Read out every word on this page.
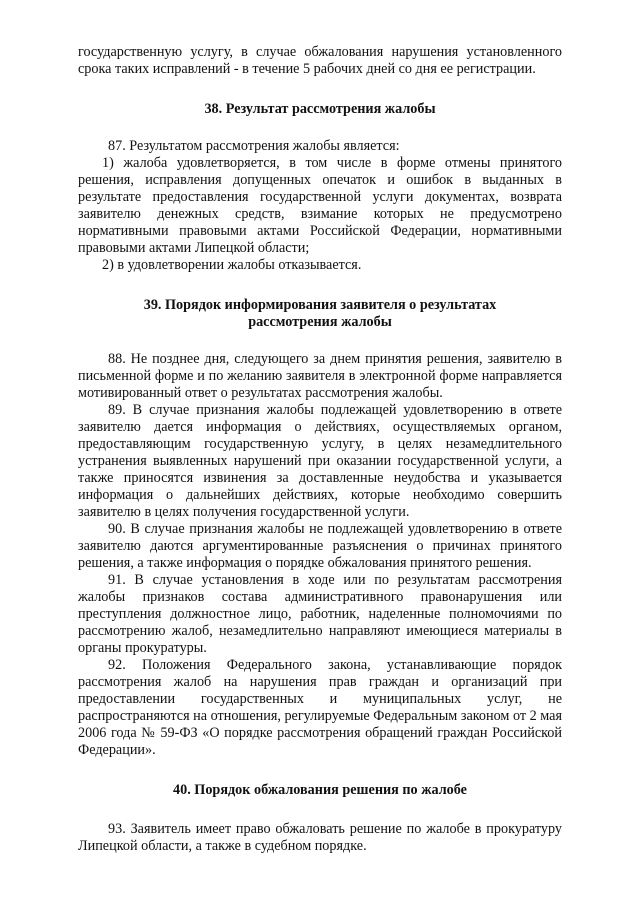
государственную услугу, в случае обжалования нарушения установленного срока таких исправлений - в течение 5 рабочих дней со дня ее регистрации.

38. Результат рассмотрения жалобы

87. Результатом рассмотрения жалобы является:

1) жалоба удовлетворяется, в том числе в форме отмены принятого решения, исправления допущенных опечаток и ошибок в выданных в результате предоставления государственной услуги документах, возврата заявителю денежных средств, взимание которых не предусмотрено нормативными правовыми актами Российской Федерации, нормативными правовыми актами Липецкой области;

2) в удовлетворении жалобы отказывается.

39. Порядок информирования заявителя о результатах

рассмотрения жалобы

88. Не позднее дня, следующего за днем принятия решения, заявителю в письменной форме и по желанию заявителя в электронной форме направляется мотивированный ответ о результатах рассмотрения жалобы.

89. В случае признания жалобы подлежащей удовлетворению в ответе заявителю дается информация о действиях, осуществляемых органом, предоставляющим государственную услугу, в целях незамедлительного устранения выявленных нарушений при оказании государственной услуги, а также приносятся извинения за доставленные неудобства и указывается информация о дальнейших действиях, которые необходимо совершить заявителю в целях получения государственной услуги.

90. В случае признания жалобы не подлежащей удовлетворению в ответе заявителю даются аргументированные разъяснения о причинах принятого решения, а также информация о порядке обжалования принятого решения.

91. В случае установления в ходе или по результатам рассмотрения жалобы признаков состава административного правонарушения или преступления должностное лицо, работник, наделенные полномочиями по рассмотрению жалоб, незамедлительно направляют имеющиеся материалы в органы прокуратуры.

92. Положения Федерального закона, устанавливающие порядок рассмотрения жалоб на нарушения прав граждан и организаций при предоставлении государственных и муниципальных услуг, не распространяются на отношения, регулируемые Федеральным законом от 2 мая 2006 года № 59-ФЗ «О порядке рассмотрения обращений граждан Российской Федерации».

40. Порядок обжалования решения по жалобе

93. Заявитель имеет право обжаловать решение по жалобе в прокуратуру Липецкой области, а также в судебном порядке.
